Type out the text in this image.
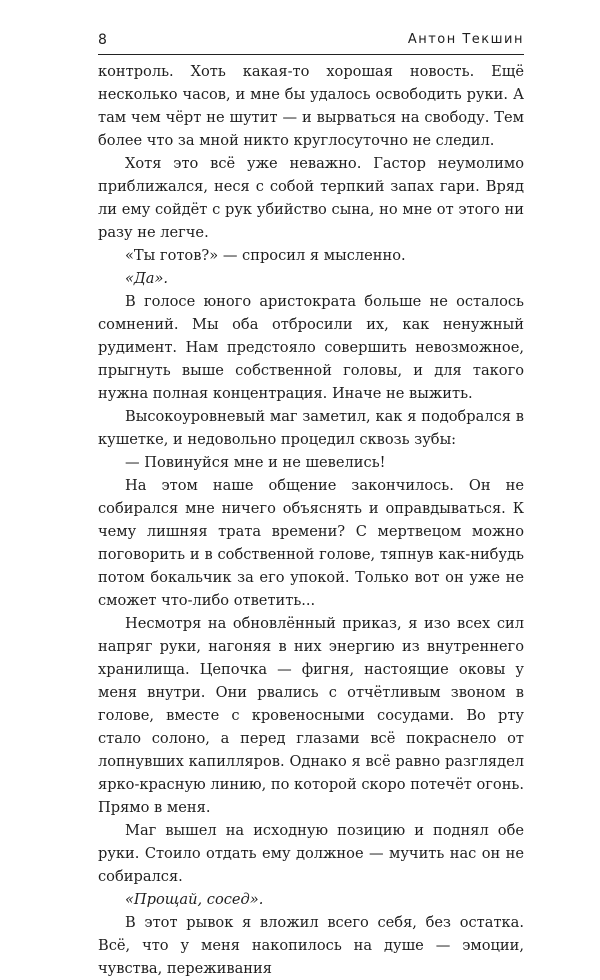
8	Антон Текшин

контроль. Хоть какая-то хорошая новость. Ещё несколько часов, и мне бы удалось освободить руки. А там чем чёрт не шутит — и вырваться на свободу. Тем более что за мной никто круглосуточно не следил.

Хотя это всё уже неважно. Гастор неумолимо приближался, неся с собой терпкий запах гари. Вряд ли ему сойдёт с рук убийство сына, но мне от этого ни разу не легче.

«Ты готов?» — спросил я мысленно.

«Да».

В голосе юного аристократа больше не осталось сомнений. Мы оба отбросили их, как ненужный рудимент. Нам предстояло совершить невозможное, прыгнуть выше собственной головы, и для такого нужна полная концентрация. Иначе не выжить.

Высокоуровневый маг заметил, как я подобрался в кушетке, и недовольно процедил сквозь зубы:

— Повинуйся мне и не шевелись!

На этом наше общение закончилось. Он не собирался мне ничего объяснять и оправдываться. К чему лишняя трата времени? С мертвецом можно поговорить и в собственной голове, тяпнув как-нибудь потом бокальчик за его упокой. Только вот он уже не сможет что-либо ответить...

Несмотря на обновлённый приказ, я изо всех сил напряг руки, нагоняя в них энергию из внутреннего хранилища. Цепочка — фигня, настоящие оковы у меня внутри. Они рвались с отчётливым звоном в голове, вместе с кровеносными сосудами. Во рту стало солоно, а перед глазами всё покраснело от лопнувших капилляров. Однако я всё равно разглядел ярко-красную линию, по которой скоро потечёт огонь. Прямо в меня.

Маг вышел на исходную позицию и поднял обе руки. Стоило отдать ему должное — мучить нас он не собирался.

«Прощай, сосед».

В этот рывок я вложил всего себя, без остатка. Всё, что у меня накопилось на душе — эмоции, чувства, переживания
